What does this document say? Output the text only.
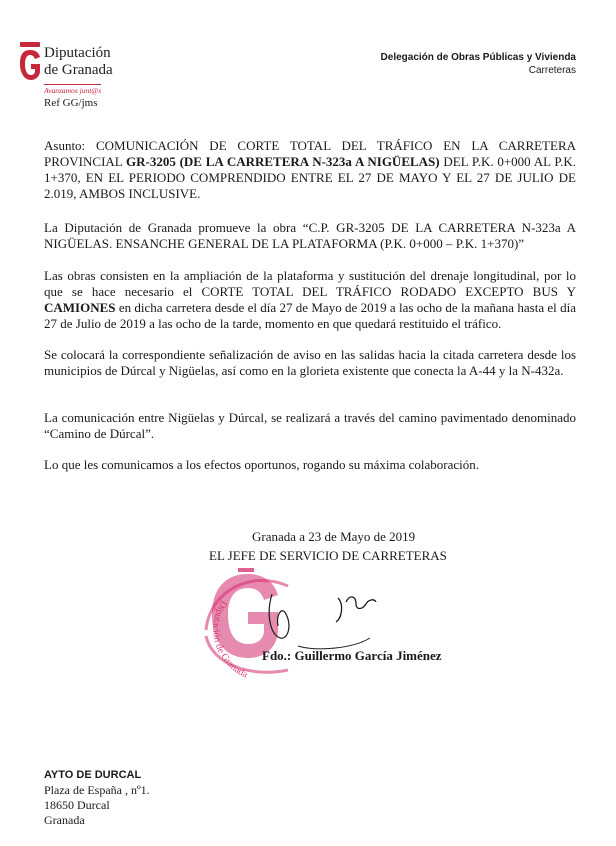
Diputación
de Granada
Avanzamos junt@s
Ref GG/jms
Delegación de Obras Públicas y Vivienda
Carreteras
Asunto: COMUNICACIÓN DE CORTE TOTAL DEL TRÁFICO EN LA CARRETERA PROVINCIAL GR-3205 (DE LA CARRETERA N-323a A NIGÜELAS) DEL P.K. 0+000 AL P.K. 1+370, EN EL PERIODO COMPRENDIDO ENTRE EL 27 DE MAYO Y EL 27 DE JULIO DE 2.019, AMBOS INCLUSIVE.
La Diputación de Granada promueve la obra “C.P. GR-3205 DE LA CARRETERA N-323a A NIGÜELAS. ENSANCHE GENERAL DE LA PLATAFORMA (P.K. 0+000 – P.K. 1+370)”
Las obras consisten en la ampliación de la plataforma y sustitución del drenaje longitudinal, por lo que se hace necesario el CORTE TOTAL DEL TRÁFICO RODADO EXCEPTO BUS Y CAMIONES en dicha carretera desde el día 27 de Mayo de 2019 a las ocho de la mañana hasta el día 27 de Julio de 2019 a las ocho de la tarde, momento en que quedará restituido el tráfico.
Se colocará la correspondiente señalización de aviso en las salidas hacia la citada carretera desde los municipios de Dúrcal y Nigüelas, así como en la glorieta existente que conecta la A-44 y la N-432a.
La comunicación entre Nigüelas y Dúrcal, se realizará a través del camino pavimentado denominado “Camino de Dúrcal”.
Lo que les comunicamos a los efectos oportunos, rogando su máxima colaboración.
Granada a 23 de Mayo de 2019
EL JEFE DE SERVICIO DE CARRETERAS
Diputación de Granada
Fdo.: Guillermo García Jiménez
AYTO DE DURCAL
Plaza de España , nº1.
18650 Durcal
Granada
